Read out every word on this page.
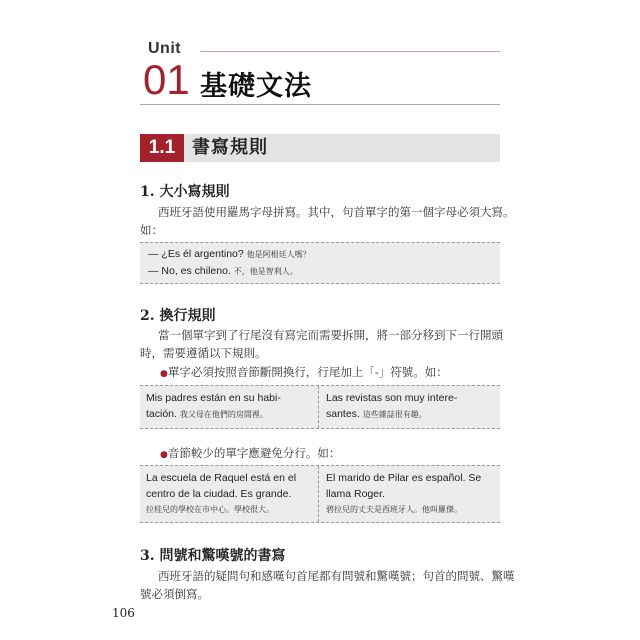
Unit
01 基礎文法
1.1 書寫規則
1. 大小寫規則
西班牙語使用羅馬字母拼寫。其中，句首單字的第一個字母必須大寫。
如：
— ¿Es él argentino? 他是阿根廷人嗎？
— No, es chileno. 不，他是智利人。
2. 換行規則
當一個單字到了行尾沒有寫完而需要拆開，將一部分移到下一行開頭
時，需要遵循以下規則。
●單字必須按照音節斷開換行，行尾加上「-」符號。如：
Mis padres están en su habi-
tación. 我父母在他們的房間裡。
Las revistas son muy intere-
santes. 這些雜誌很有趣。
●音節較少的單字應避免分行。如：
La escuela de Raquel está en el
centro de la ciudad. Es grande.
拉桂兒的學校在市中心。學校很大。
El marido de Pilar es español. Se
llama Roger.
碧拉兒的丈夫是西班牙人。他叫羅傑。
3. 問號和驚嘆號的書寫
西班牙語的疑問句和感嘆句首尾都有問號和驚嘆號；句首的問號、驚嘆
號必須倒寫。
106
